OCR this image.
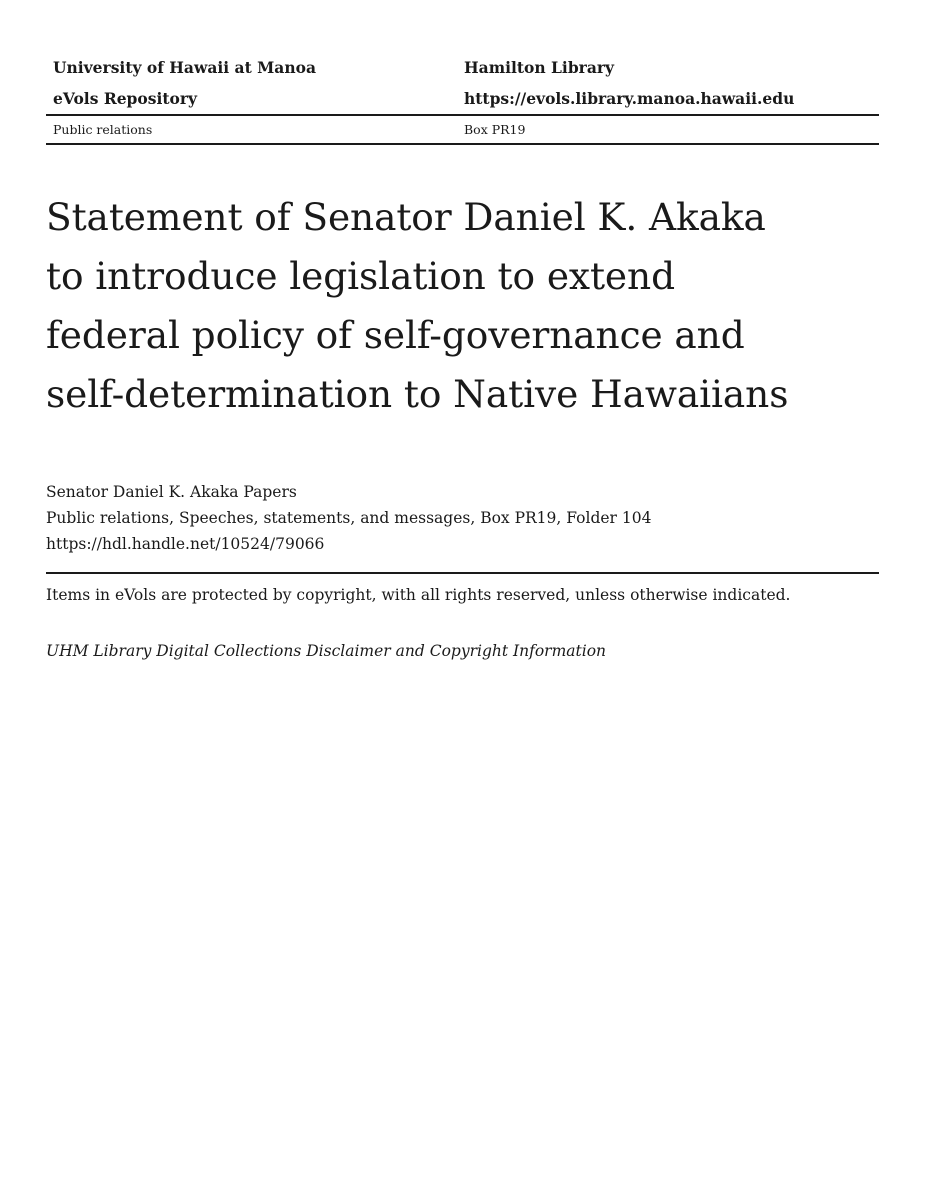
University of Hawaii at Manoa	Hamilton Library
eVols Repository	https://evols.library.manoa.hawaii.edu
Public relations	Box PR19
Statement of Senator Daniel K. Akaka
to introduce legislation to extend
federal policy of self-governance and
self-determination to Native Hawaiians
Senator Daniel K. Akaka Papers
Public relations, Speeches, statements, and messages, Box PR19, Folder 104
https://hdl.handle.net/10524/79066
Items in eVols are protected by copyright, with all rights reserved, unless otherwise indicated.
UHM Library Digital Collections Disclaimer and Copyright Information
